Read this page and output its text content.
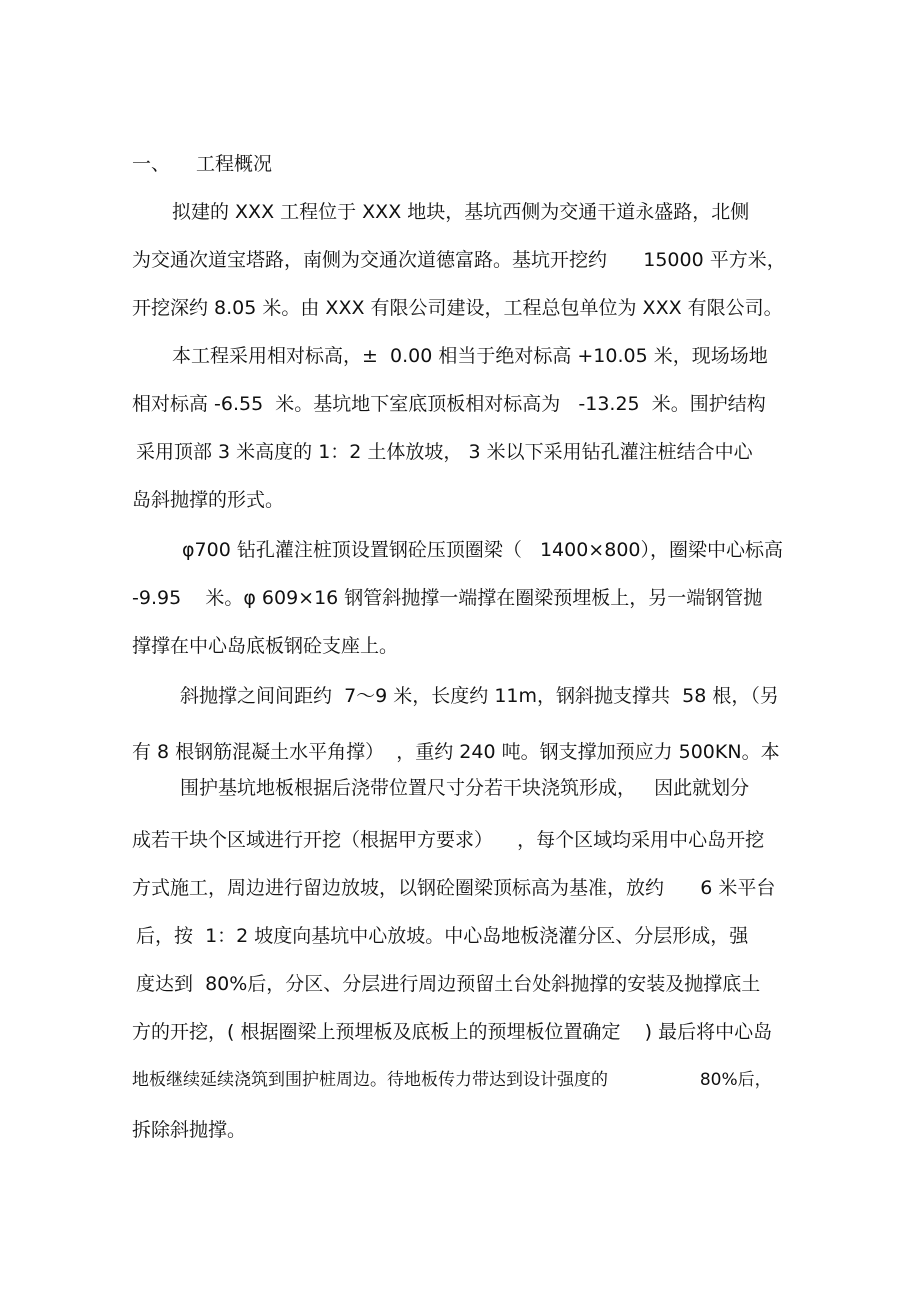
一、 工程概况
拟建的 XXX 工程位于 XXX 地块，基坑西侧为交通干道永盛路，北侧
为交通次道宝塔路，南侧为交通次道德富路。基坑开挖约      15000 平方米，
开挖深约 8.05 米。由 XXX 有限公司建设，工程总包单位为 XXX 有限公司。
本工程采用相对标高，±  0.00 相当于绝对标高 +10.05 米，现场场地
相对标高 -6.55  米。基坑地下室底顶板相对标高为   -13.25  米。围护结构
采用顶部 3 米高度的 1：2 土体放坡， 3 米以下采用钻孔灌注桩结合中心
岛斜抛撑的形式。
φ700 钻孔灌注桩顶设置钢砼压顶圈梁（   1400×800），圈梁中心标高
-9.95    米。φ 609×16 钢管斜抛撑一端撑在圈梁预埋板上，另一端钢管抛
撑撑在中心岛底板钢砼支座上。
斜抛撑之间间距约  7～9 米，长度约 11m，钢斜抛支撑共  58 根，（另
有 8 根钢筋混凝土水平角撑）  ，重约 240 吨。钢支撑加预应力 500KN。本
围护基坑地板根据后浇带位置尺寸分若干块浇筑形成，   因此就划分
成若干块个区域进行开挖（根据甲方要求）    ，每个区域均采用中心岛开挖
方式施工，周边进行留边放坡，以钢砼圈梁顶标高为基准，放约      6 米平台
后，按  1：2 坡度向基坑中心放坡。中心岛地板浇灌分区、分层形成，强
度达到  80%后，分区、分层进行周边预留土台处斜抛撑的安装及抛撑底土
方的开挖，( 根据圈梁上预埋板及底板上的预埋板位置确定    ) 最后将中心岛
地板继续延续浇筑到围护桩周边。待地板传力带达到设计强度的                 80%后，
拆除斜抛撑。
